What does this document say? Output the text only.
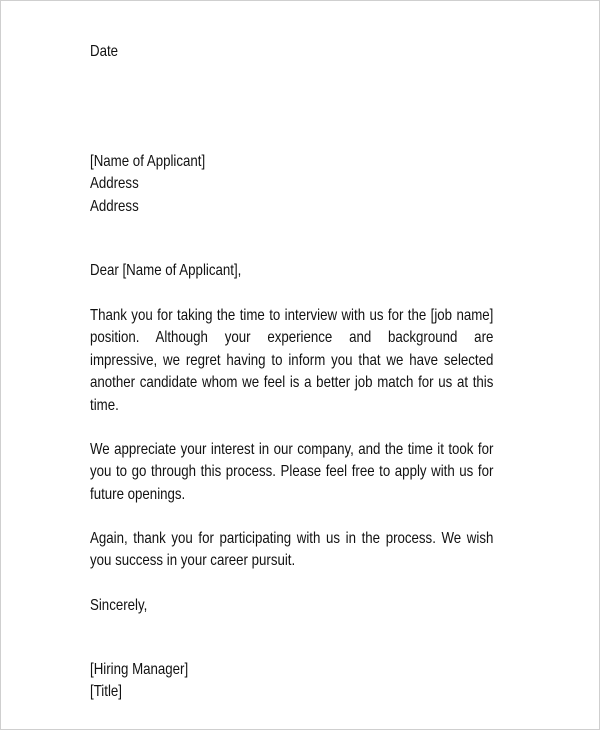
Date
[Name of Applicant]
Address
Address
Dear [Name of Applicant],
Thank you for taking the time to interview with us for the [job name]
position. Although your experience and background are
impressive, we regret having to inform you that we have selected
another candidate whom we feel is a better job match for us at this
time.
We appreciate your interest in our company, and the time it took for
you to go through this process. Please feel free to apply with us for
future openings.
Again, thank you for participating with us in the process. We wish
you success in your career pursuit.
Sincerely,
[Hiring Manager]
[Title]
